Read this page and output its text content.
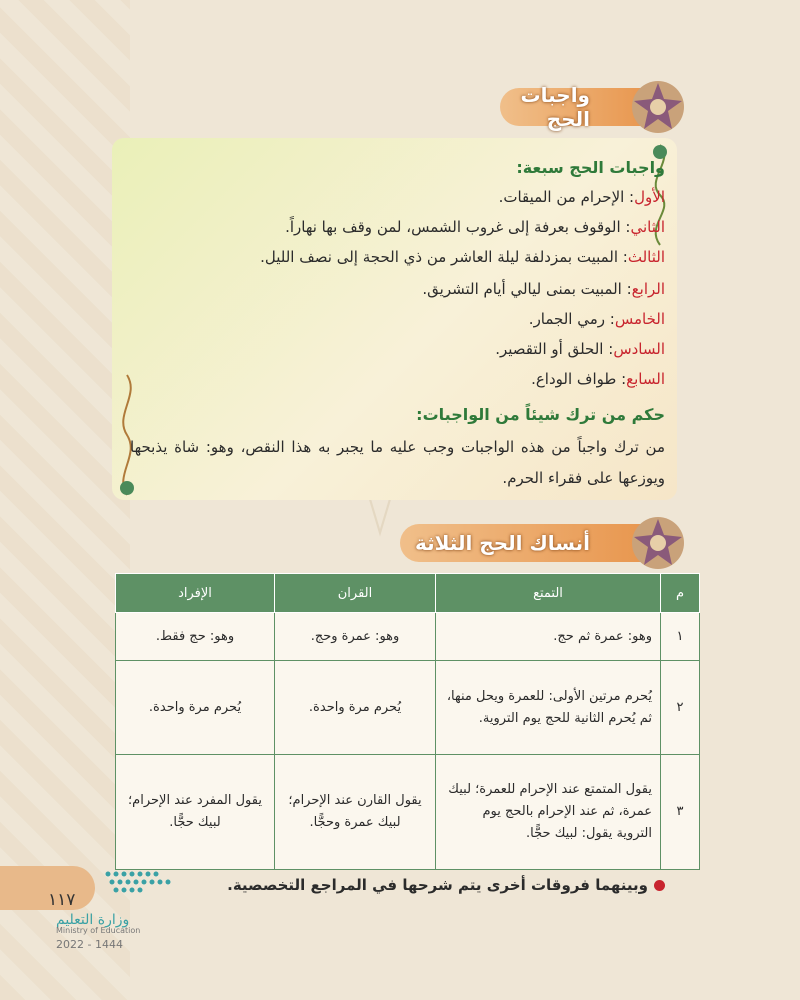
واجبات الحج
واجبات الحج سبعة:
الأول: الإحرام من الميقات.
الثاني: الوقوف بعرفة إلى غروب الشمس، لمن وقف بها نهاراً.
الثالث: المبيت بمزدلفة ليلة العاشر من ذي الحجة إلى نصف الليل.
الرابع: المبيت بمنى ليالي أيام التشريق.
الخامس: رمي الجمار.
السادس: الحلق أو التقصير.
السابع: طواف الوداع.
حكم من ترك شيئاً من الواجبات:
من ترك واجباً من هذه الواجبات وجب عليه ما يجبر به هذا النقص، وهو: شاة يذبحها ويوزعها على فقراء الحرم.
أنساك الحج الثلاثة
م	التمتع	القران	الإفراد
١	وهو: عمرة ثم حج.	وهو: عمرة وحج.	وهو: حج فقط.
٢	يُحرم مرتين الأولى: للعمرة ويحل منها، ثم يُحرم الثانية للحج يوم التروية.	يُحرم مرة واحدة.	يُحرم مرة واحدة.
٣	يقول المتمتع عند الإحرام للعمرة؛ لبيك عمرة، ثم عند الإحرام بالحج يوم التروية يقول: لبيك حجًّا.	يقول القارن عند الإحرام؛لبيك عمرة وحجًّا.	يقول المفرد عند الإحرام؛لبيك حجًّا.
وبينهما فروقات أخرى يتم شرحها في المراجع التخصصية.
١١٧
وزارة التعليم
Ministry of Education
2022 - 1444
